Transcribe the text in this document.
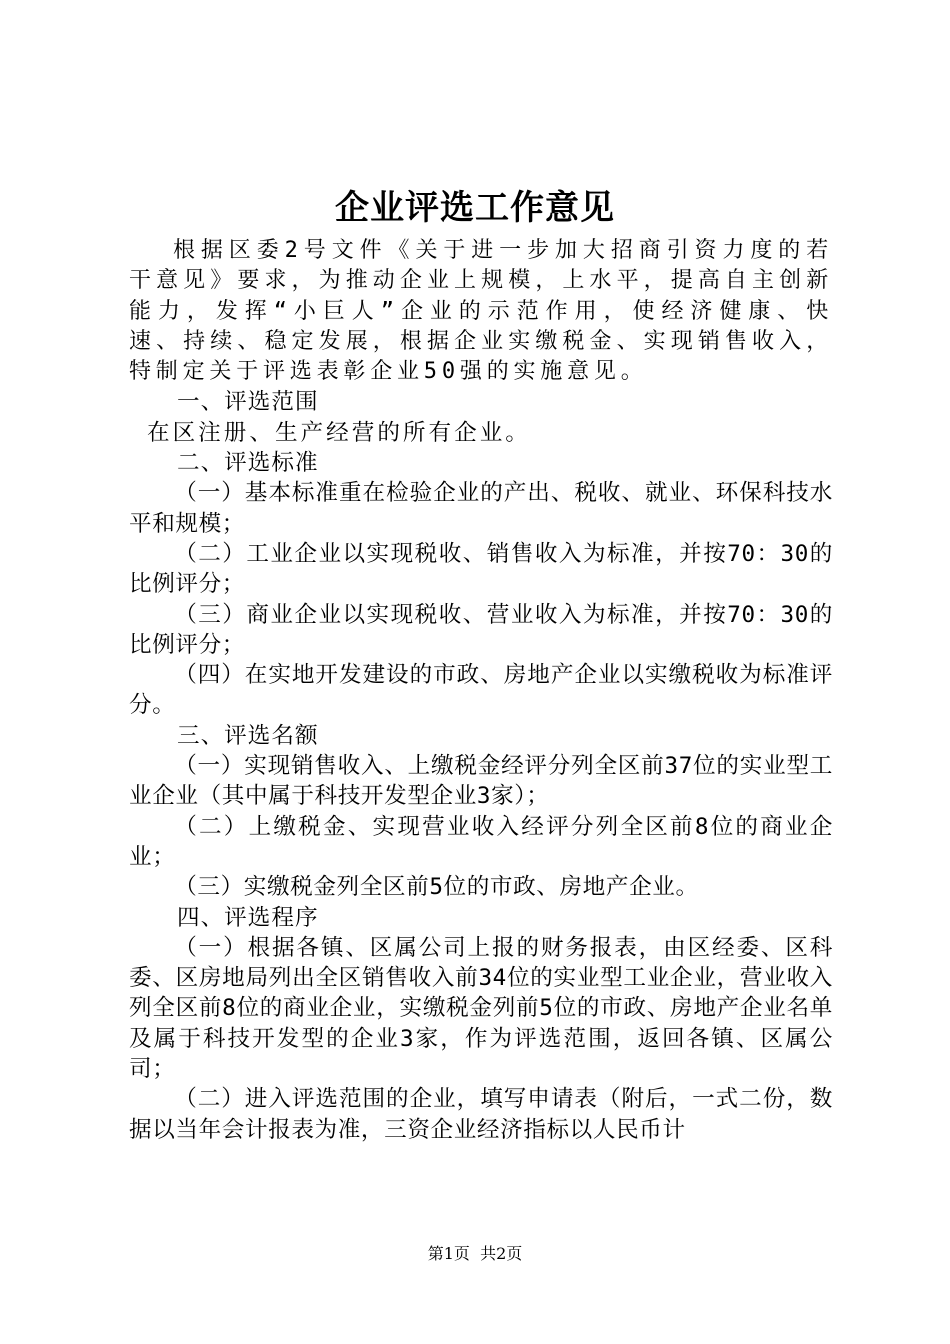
企业评选工作意见

根据区委2号文件《关于进一步加大招商引资力度的若干意见》要求，为推动企业上规模，上水平，提高自主创新能力，发挥“小巨人”企业的示范作用，使经济健康、快速、持续、稳定发展，根据企业实缴税金、实现销售收入，特制定关于评选表彰企业50强的实施意见。

一、评选范围

在区注册、生产经营的所有企业。

二、评选标准

（一）基本标准重在检验企业的产出、税收、就业、环保科技水平和规模；

（二）工业企业以实现税收、销售收入为标准，并按70：30的比例评分；

（三）商业企业以实现税收、营业收入为标准，并按70：30的比例评分；

（四）在实地开发建设的市政、房地产企业以实缴税收为标准评分。

三、评选名额

（一）实现销售收入、上缴税金经评分列全区前37位的实业型工业企业（其中属于科技开发型企业3家）；

（二）上缴税金、实现营业收入经评分列全区前8位的商业企业；

（三）实缴税金列全区前5位的市政、房地产企业。

四、评选程序

（一）根据各镇、区属公司上报的财务报表，由区经委、区科委、区房地局列出全区销售收入前34位的实业型工业企业，营业收入列全区前8位的商业企业，实缴税金列前5位的市政、房地产企业名单及属于科技开发型的企业3家，作为评选范围，返回各镇、区属公司；

（二）进入评选范围的企业，填写申请表（附后，一式二份，数据以当年会计报表为准，三资企业经济指标以人民币计

第1页  共2页
